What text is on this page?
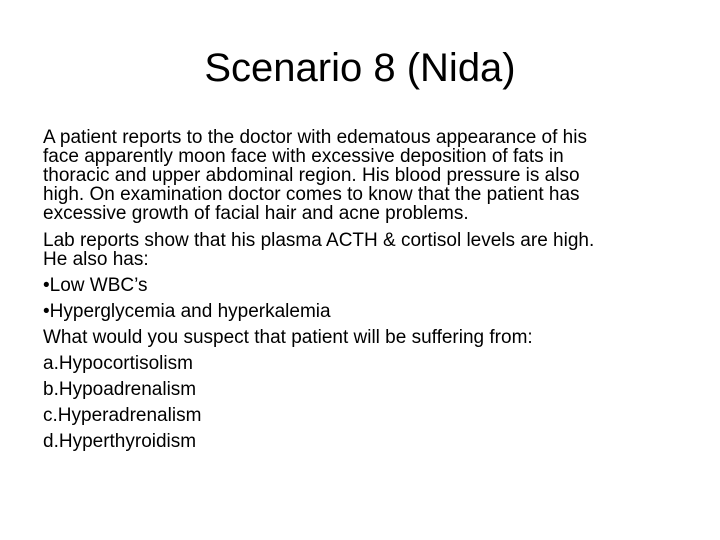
Scenario 8 (Nida)

A patient reports to the doctor with edematous appearance of his
face apparently moon face with excessive deposition of fats in
thoracic and upper abdominal region. His blood pressure is also
high. On examination doctor comes to know that the patient has
excessive growth of facial hair and acne problems.

Lab reports show that his plasma ACTH & cortisol levels are high.
He also has:

•Low WBC’s

•Hyperglycemia and hyperkalemia

What would you suspect that patient will be suffering from:

a.Hypocortisolism

b.Hypoadrenalism

c.Hyperadrenalism

d.Hyperthyroidism
